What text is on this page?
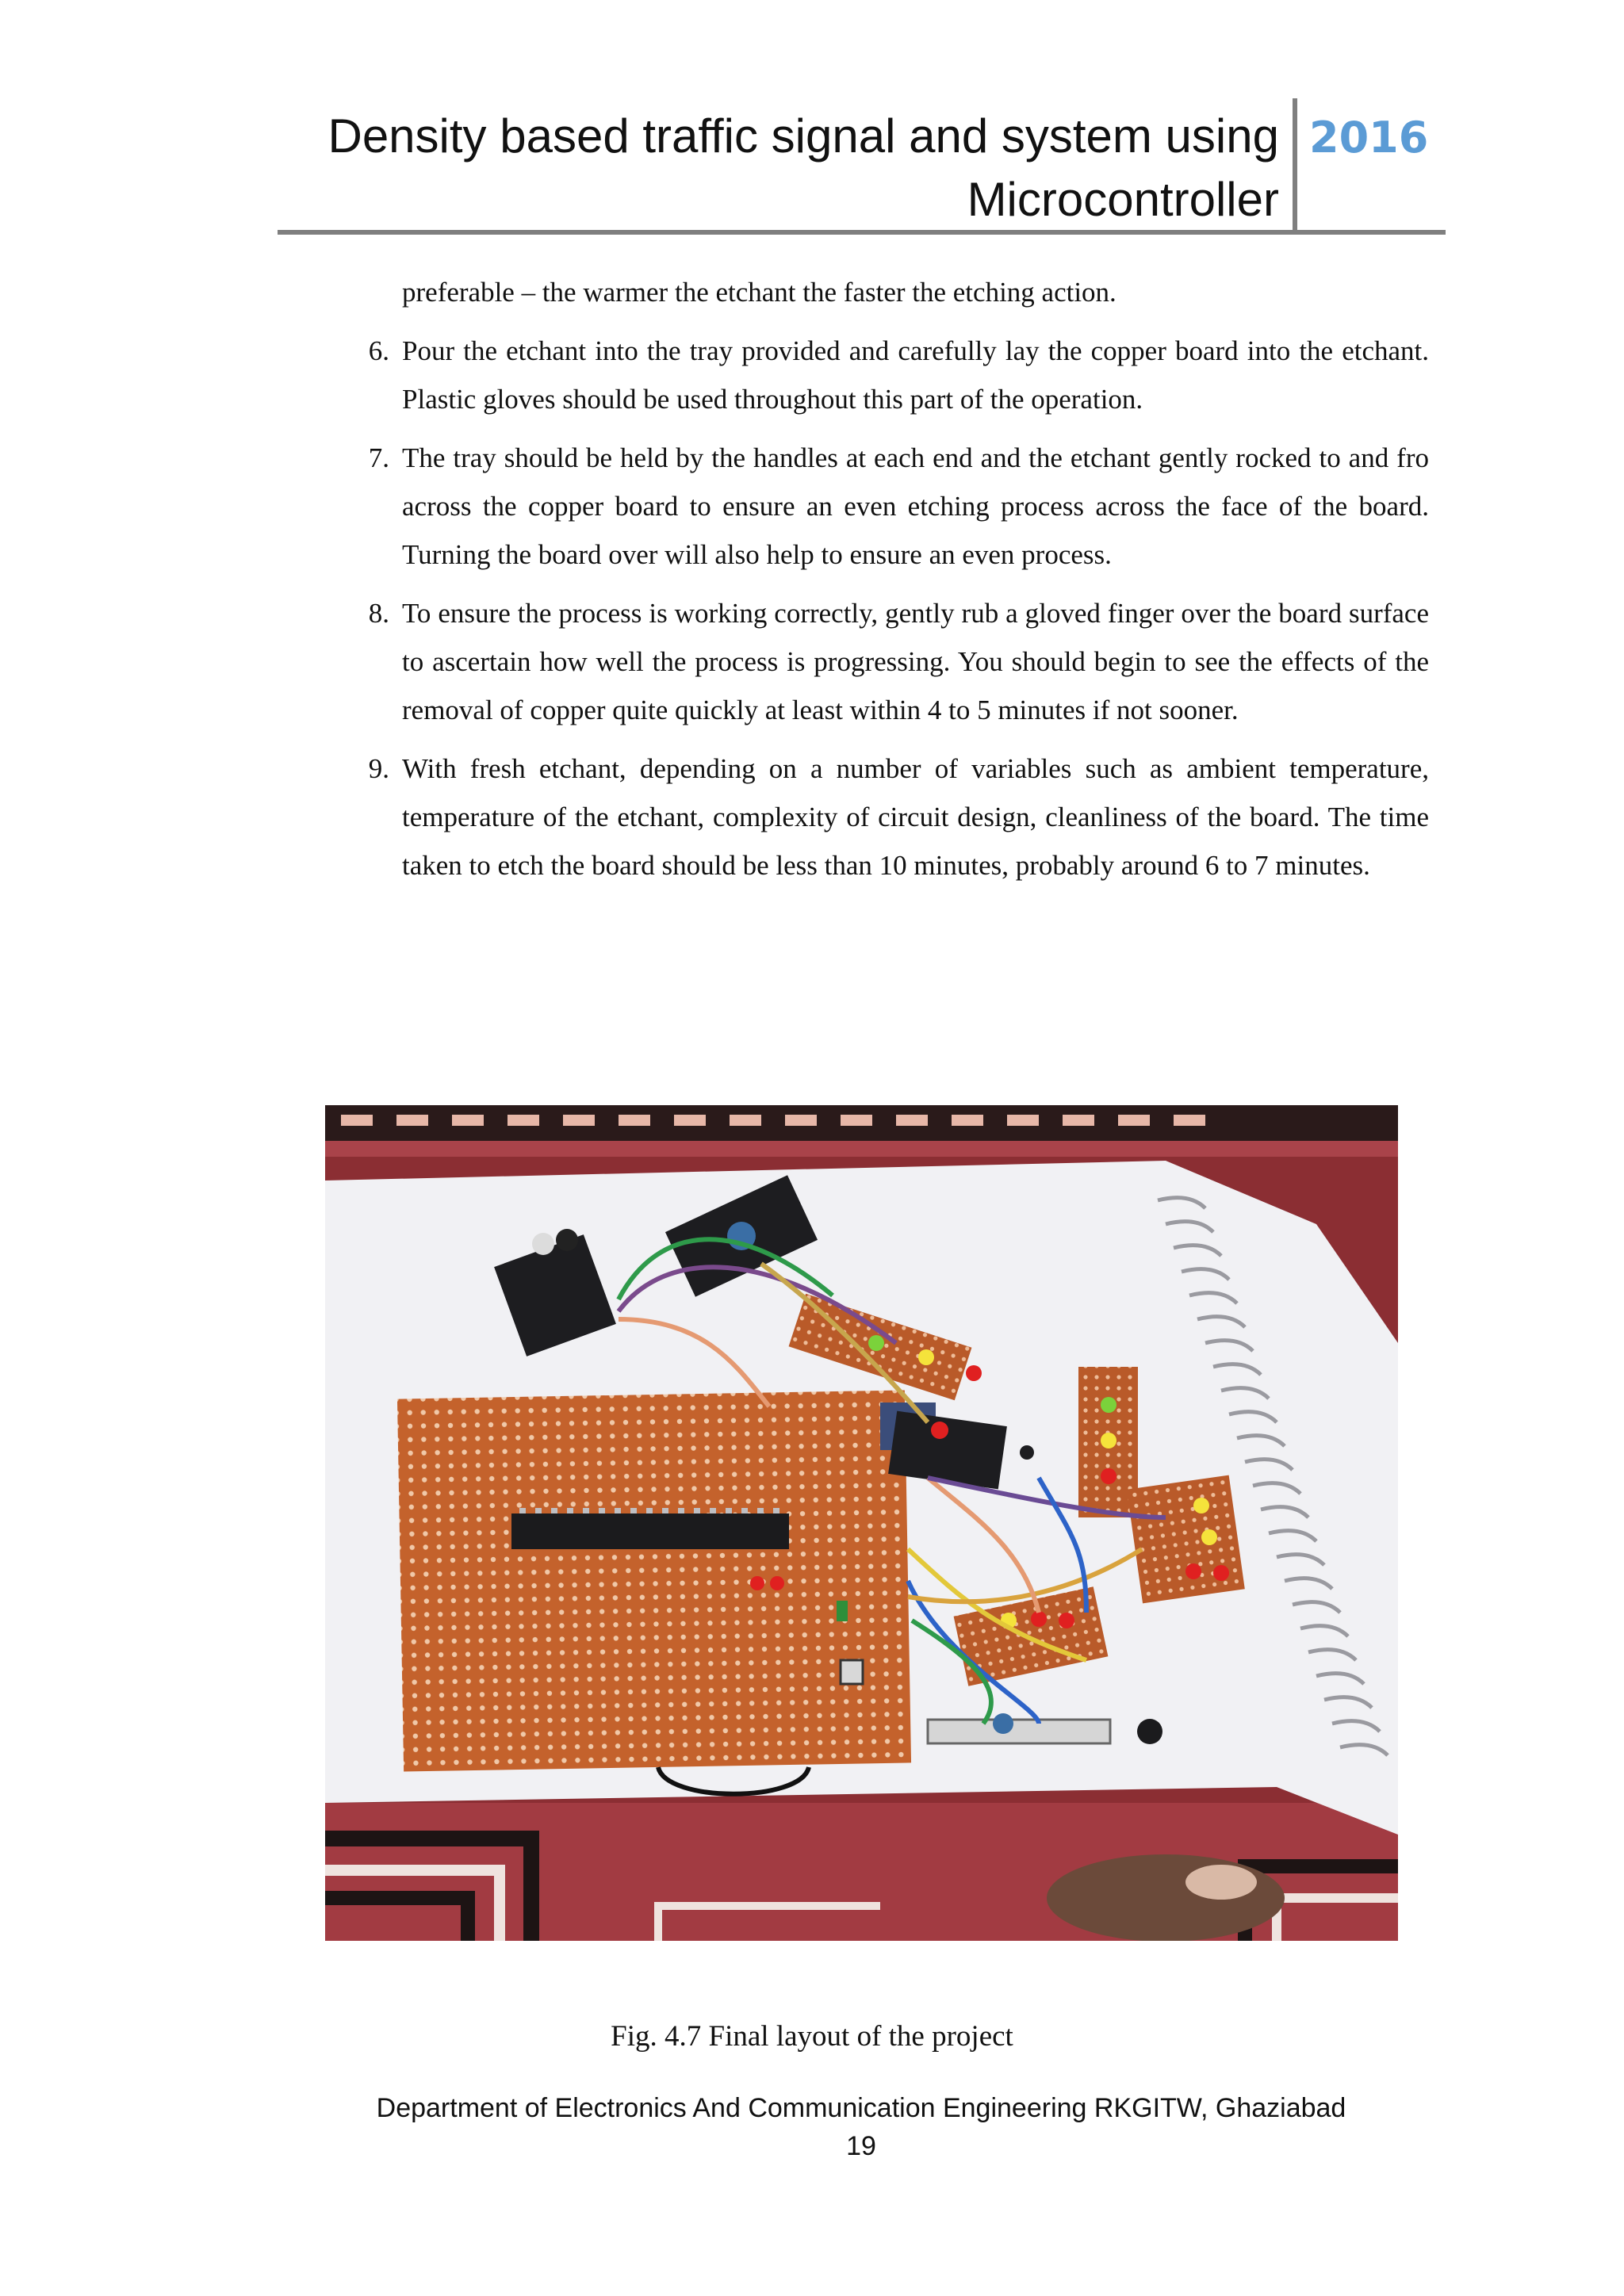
Density based traffic signal and system using
Microcontroller
2016

preferable – the warmer the etchant the faster the etching action.

6. Pour the etchant into the tray provided and carefully lay the copper board into the etchant. Plastic gloves should be used throughout this part of the operation.

7. The tray should be held by the handles at each end and the etchant gently rocked to and fro across the copper board to ensure an even etching process across the face of the board. Turning the board over will also help to ensure an even process.

8. To ensure the process is working correctly, gently rub a gloved finger over the board surface to ascertain how well the process is progressing. You should begin to see the effects of the removal of copper quite quickly at least within 4 to 5 minutes if not sooner.

9. With fresh etchant, depending on a number of variables such as ambient temperature, temperature of the etchant, complexity of circuit design, cleanliness of the board. The time taken to etch the board should be less than 10 minutes, probably around 6 to 7 minutes.

Fig. 4.7 Final layout of the project
Department of Electronics And Communication Engineering RKGITW, Ghaziabad
19
